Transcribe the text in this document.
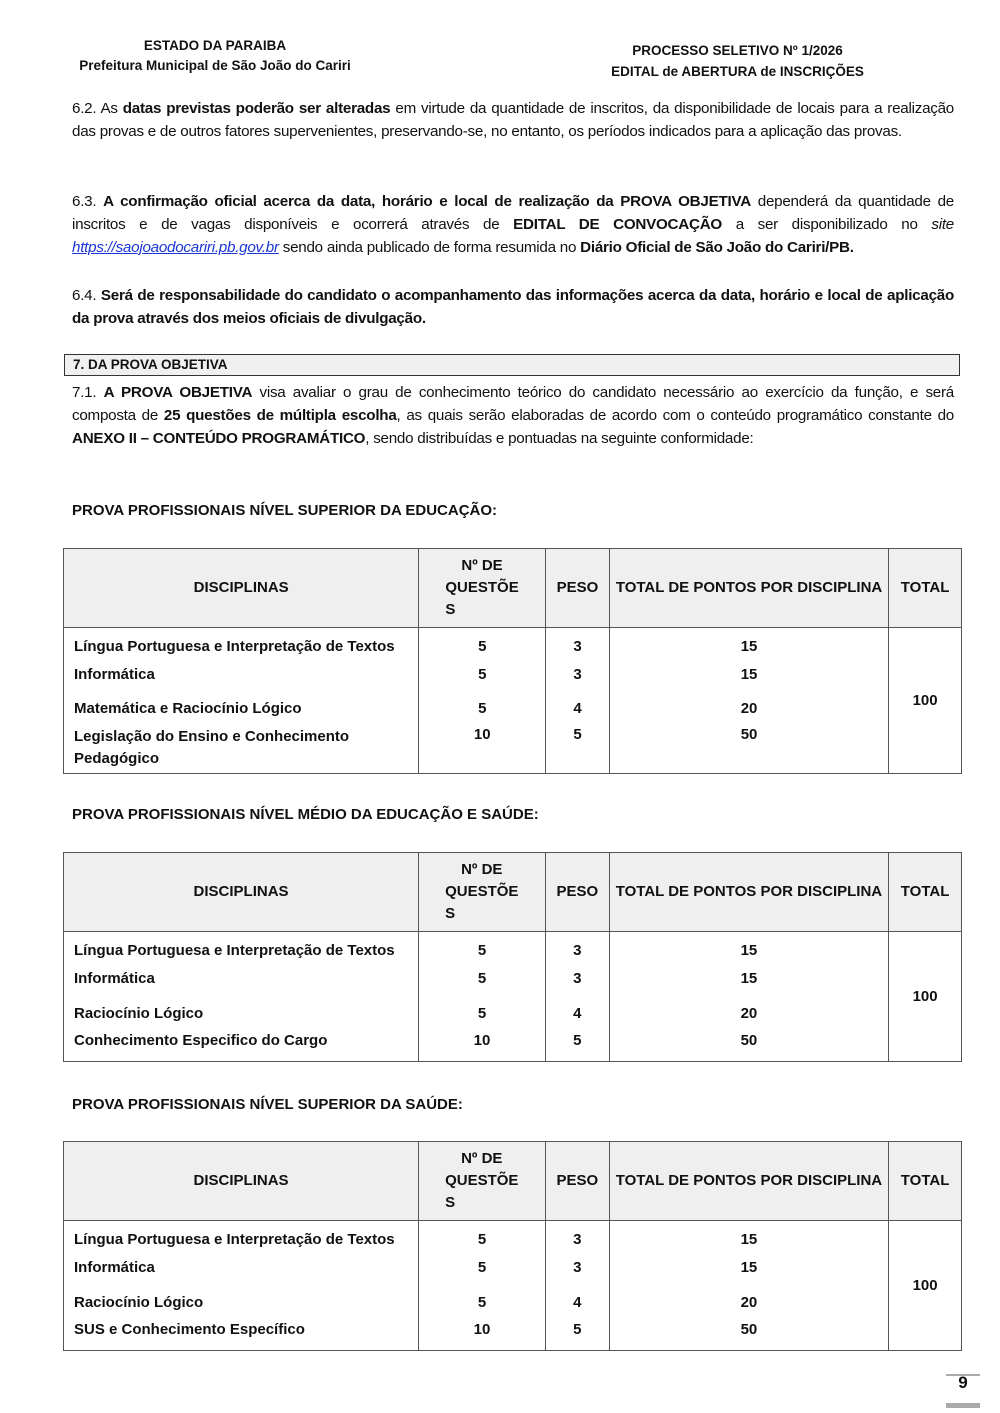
ESTADO DA PARAIBA
Prefeitura Municipal de São João do Cariri
PROCESSO SELETIVO Nº 1/2026
EDITAL de ABERTURA de INSCRIÇÕES
6.2. As datas previstas poderão ser alteradas em virtude da quantidade de inscritos, da disponibilidade de locais para a realização das provas e de outros fatores supervenientes, preservando-se, no entanto, os períodos indicados para a aplicação das provas.
6.3. A confirmação oficial acerca da data, horário e local de realização da PROVA OBJETIVA dependerá da quantidade de inscritos e de vagas disponíveis e ocorrerá através de EDITAL DE CONVOCAÇÃO a ser disponibilizado no site https://saojoaodocariri.pb.gov.br sendo ainda publicado de forma resumida no Diário Oficial de São João do Cariri/PB.
6.4. Será de responsabilidade do candidato o acompanhamento das informações acerca da data, horário e local de aplicação da prova através dos meios oficiais de divulgação.
7. DA PROVA OBJETIVA
7.1. A PROVA OBJETIVA visa avaliar o grau de conhecimento teórico do candidato necessário ao exercício da função, e será composta de 25 questões de múltipla escolha, as quais serão elaboradas de acordo com o conteúdo programático constante do ANEXO II – CONTEÚDO PROGRAMÁTICO, sendo distribuídas e pontuadas na seguinte conformidade:
PROVA PROFISSIONAIS NÍVEL SUPERIOR DA EDUCAÇÃO:
DISCIPLINAS	Nº DE
QUESTÕE
S	PESO	TOTAL DE PONTOS POR DISCIPLINA	TOTAL
Língua Portuguesa e Interpretação de Textos	5	3	15	100
Informática	5	3	15	
Matemática e Raciocínio Lógico	5	4	20	
Legislação do Ensino e Conhecimento Pedagógico	10	5	50	
PROVA PROFISSIONAIS NÍVEL MÉDIO DA EDUCAÇÃO E SAÚDE:
DISCIPLINAS	Nº DE
QUESTÕE
S	PESO	TOTAL DE PONTOS POR DISCIPLINA	TOTAL
Língua Portuguesa e Interpretação de Textos	5	3	15	100
Informática	5	3	15	
Raciocínio Lógico	5	4	20	
Conhecimento Especifico do Cargo	10	5	50	
PROVA PROFISSIONAIS NÍVEL SUPERIOR DA SAÚDE:
DISCIPLINAS	Nº DE
QUESTÕE
S	PESO	TOTAL DE PONTOS POR DISCIPLINA	TOTAL
Língua Portuguesa e Interpretação de Textos	5	3	15	100
Informática	5	3	15	
Raciocínio Lógico	5	4	20	
SUS e Conhecimento Específico	10	5	50	
9
